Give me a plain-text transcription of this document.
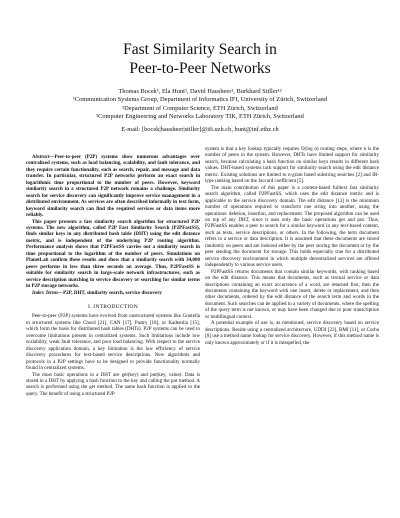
Fast Similarity Search in
Peer-to-Peer Networks
Thomas Bocek¹, Ela Hunt², David Hausheer¹, Burkhard Stiller¹²
¹Communication Systems Group, Department of Informatics IFI, University of Zürich, Switzerland
²Department of Computer Science, ETH Zürich, Switzerland
³Computer Engineering and Networks Laboratory TIK, ETH Zürich, Switzerland
E-mail: [bocek|hausheer|stiller]@ifi.uzh.ch, hunt@inf.ethz.ch

Abstract—Peer-to-peer (P2P) systems show numerous advantages over centralized systems, such as load balancing, scalability, and fault tolerance, and they require certain functionality, such as search, repair, and message and data transfer. In particular, structured P2P networks perform an exact search in logarithmic time proportional to the number of peers. However, keyword similarity search in a structured P2P network remains a challenge. Similarity search for service discovery can significantly improve service management in a distributed environment. As services are often described informally in text form, keyword similarity search can find the required services or data items more reliably.

This paper presents a fast similarity search algorithm for structured P2P systems. The new algorithm, called P2P Fast Similarity Search (P2PFastSS), finds similar keys in any distributed hash table (DHT) using the edit distance metric, and is independent of the underlying P2P routing algorithm. Performance analysis shows that P2PFastSS carries out a similarity search in time proportional to the logarithm of the number of peers. Simulations on PlanetLab confirm these results and show that a similarity search with 34,000 peers performs in less than three seconds on average. Thus, P2PFastSS is suitable for similarity search in large-scale network infrastructures, such as service description matching in service discovery or searching for similar terms in P2P storage networks.

Index Terms—P2P, DHT, similarity search, service discovery

I. INTRODUCTION

Peer-to-peer (P2P) systems have evolved from unstructured systems like Gnutella to structured systems like Chord [21], CAN [17], Pastry [18], or Kademlia [15], which form the basis for distributed hash tables (DHTs). P2P systems can be used to overcome limitations present in centralized systems. Such limitations include low scalability, weak fault tolerance, and poor load balancing. With respect to the service discovery application domain, a key limitation is the low efficiency of service discovery procedures for text-based service descriptions. New algorithms and protocols in a P2P settings have to be designed to provide functionality normally found in centralized systems.

The most basic operations in a DHT are get(key) and put(key, value). Data is stored in a DHT by applying a hash function to the key and calling the put method. A search is performed using the get method. The same hash function is applied to the query. The benefit of using a structured P2P

system is that a key lookup typically requires O(log n) routing steps, where n is the number of peers in the system. However, DHTs have limited support for similarity search, because calculating a hash function on similar keys results in different hash values. DHT-based systems lack support for similarity search using the edit distance metric. Existing solutions are limited to n-gram based substring searches [2] and IR-type ranking based on the Jaccard coefficient [5].

The main contribution of this paper is a content-based fulltext fast similarity search algorithm, called P2PFastSS, which uses the edit distance metric and is applicable to the service discovery domain. The edit distance [13] is the minimum number of operations required to transform one string into another, using the operations: deletion, insertion, and replacement. The proposed algorithm can be used on top of any DHT, since it uses only the basic operations get and put. Thus, P2PFastSS enables a peer to search for a similar keyword in any text-based content, such as texts, service descriptions, or others. In the following, the term document refers to a service or data description. It is assumed that these documents are stored randomly on peers and are indexed either by the peer storing the document or by the peer sending the document for storage. This holds especially true for a distributed service discovery environment in which multiple decentralized services are offered independently to various service users.

P2PFastSS returns documents that contain similar keywords, with ranking based on the edit distance. This means that documents, such as textual service or data descriptions containing an exact occurrence of a word, are returned first, then the documents containing the keyword with one insert, delete or replacement, and then other documents, ordered by the edit distance of the search term and words in the document. Such searches can be applied to a variety of documents, where the spelling of the query term is not known, or may have been changed due to poor transcription or multilingual context.

A potential example of use is, as mentioned, service discovery based on service descriptions. Beside using a centralized architecture, UDDI [23], RMI [11], or Corba [8] use a method name lookup for service discovery. However, if this method name is only known approximately or if it is misspelled, the
